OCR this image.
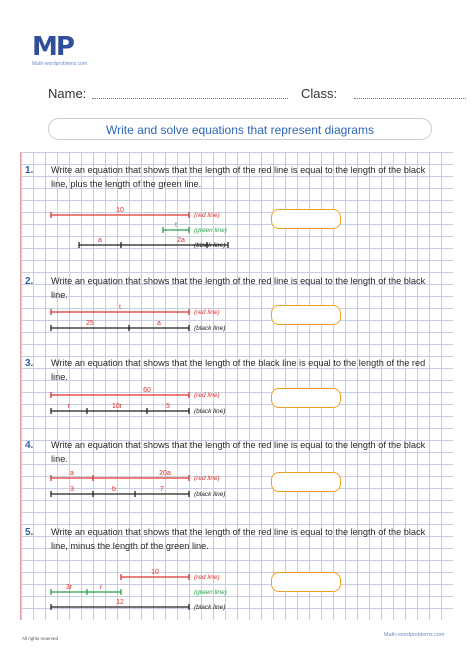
MP
Math-wordproblems.com
Name:	Class:
Write and solve equations that represent diagrams
1. Write an equation that shows that the length of the red line is equal to the length of the black line, plus the length of the green line.
10
(red line)
t
(green line)
a	2a
(black line)
2. Write an equation that shows that the length of the red line is equal to the length of the black line.
t
(red line)
25	a
(black line)
3. Write an equation that shows that the length of the black line is equal to the length of the red line.
60
(red line)
r	10r	5
(black line)
4. Write an equation that shows that the length of the red line is equal to the length of the black line.
a	20a
(red line)
3	b	7
(black line)
5. Write an equation that shows that the length of the red line is equal to the length of the black line, minus the length of the green line.
10
(red line)
3r	r
(green line)
12
(black line)
All rights reserved
Math-wordproblems.com
